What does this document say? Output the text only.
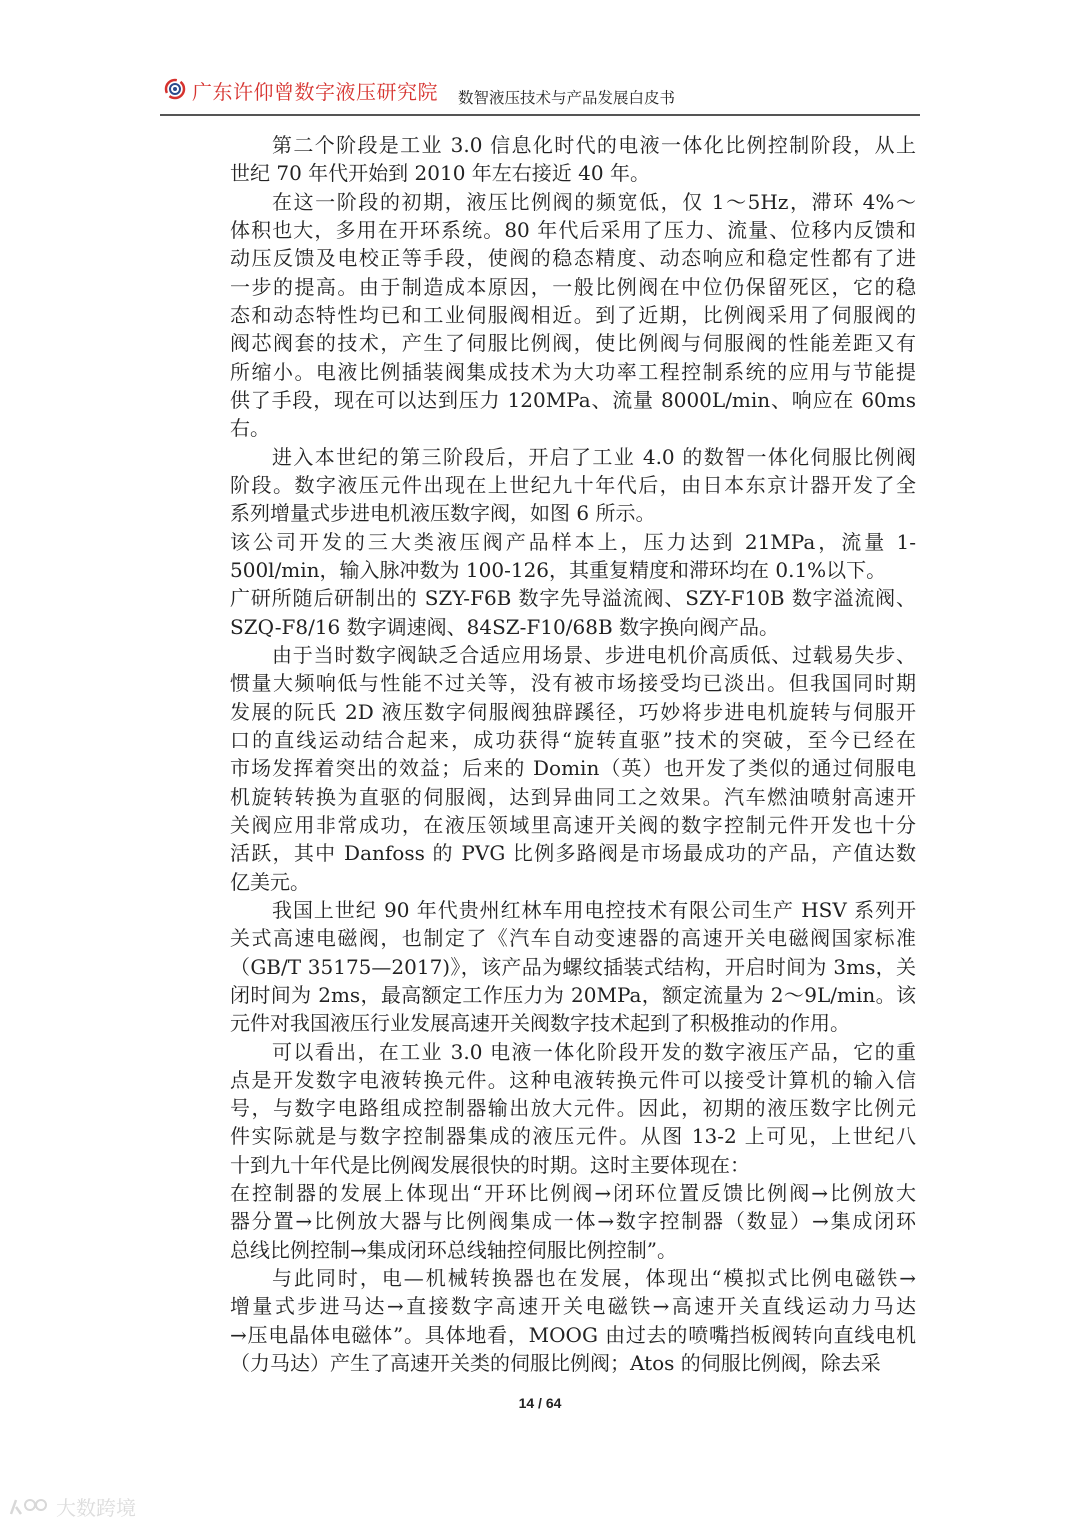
广东许仰曾数字液压研究院 数智液压技术与产品发展白皮书
第二个阶段是工业 3.0 信息化时代的电液一体化比例控制阶段，从上
世纪 70 年代开始到 2010 年左右接近 40 年。
在这一阶段的初期，液压比例阀的频宽低，仅 1～5Hz，滞环 4%～
体积也大，多用在开环系统。80 年代后采用了压力、流量、位移内反馈和
动压反馈及电校正等手段，使阀的稳态精度、动态响应和稳定性都有了进
一步的提高。由于制造成本原因，一般比例阀在中位仍保留死区，它的稳
态和动态特性均已和工业伺服阀相近。到了近期，比例阀采用了伺服阀的
阀芯阀套的技术，产生了伺服比例阀，使比例阀与伺服阀的性能差距又有
所缩小。电液比例插装阀集成技术为大功率工程控制系统的应用与节能提
供了手段，现在可以达到压力 120MPa、流量 8000L/min、响应在 60ms
右。
进入本世纪的第三阶段后，开启了工业 4.0 的数智一体化伺服比例阀
阶段。数字液压元件出现在上世纪九十年代后，由日本东京计器开发了全
系列增量式步进电机液压数字阀，如图 6 所示。
该公司开发的三大类液压阀产品样本上，压力达到 21MPa，流量 1-
500l/min，输入脉冲数为 100-126，其重复精度和滞环均在 0.1%以下。
广研所随后研制出的 SZY-F6B 数字先导溢流阀、SZY-F10B 数字溢流阀、
SZQ-F8/16 数字调速阀、84SZ-F10/68B 数字换向阀产品。
由于当时数字阀缺乏合适应用场景、步进电机价高质低、过载易失步、
惯量大频响低与性能不过关等，没有被市场接受均已淡出。但我国同时期
发展的阮氏 2D 液压数字伺服阀独辟蹊径，巧妙将步进电机旋转与伺服开
口的直线运动结合起来，成功获得“旋转直驱”技术的突破，至今已经在
市场发挥着突出的效益；后来的 Domin（英）也开发了类似的通过伺服电
机旋转转换为直驱的伺服阀，达到异曲同工之效果。汽车燃油喷射高速开
关阀应用非常成功，在液压领域里高速开关阀的数字控制元件开发也十分
活跃，其中 Danfoss 的 PVG 比例多路阀是市场最成功的产品，产值达数
亿美元。
我国上世纪 90 年代贵州红林车用电控技术有限公司生产 HSV 系列开
关式高速电磁阀，也制定了《汽车自动变速器的高速开关电磁阀国家标准
（GB/T 35175—2017)》，该产品为螺纹插装式结构，开启时间为 3ms，关
闭时间为 2ms，最高额定工作压力为 20MPa，额定流量为 2～9L/min。该
元件对我国液压行业发展高速开关阀数字技术起到了积极推动的作用。
可以看出，在工业 3.0 电液一体化阶段开发的数字液压产品，它的重
点是开发数字电液转换元件。这种电液转换元件可以接受计算机的输入信
号，与数字电路组成控制器输出放大元件。因此，初期的液压数字比例元
件实际就是与数字控制器集成的液压元件。从图 13-2 上可见，上世纪八
十到九十年代是比例阀发展很快的时期。这时主要体现在：
在控制器的发展上体现出“开环比例阀→闭环位置反馈比例阀→比例放大
器分置→比例放大器与比例阀集成一体→数字控制器（数显）→集成闭环
总线比例控制→集成闭环总线轴控伺服比例控制”。
与此同时，电—机械转换器也在发展，体现出“模拟式比例电磁铁→
增量式步进马达→直接数字高速开关电磁铁→高速开关直线运动力马达
→压电晶体电磁体”。具体地看，MOOG 由过去的喷嘴挡板阀转向直线电机
（力马达）产生了高速开关类的伺服比例阀；Atos 的伺服比例阀，除去采
14 / 64
大数跨境
